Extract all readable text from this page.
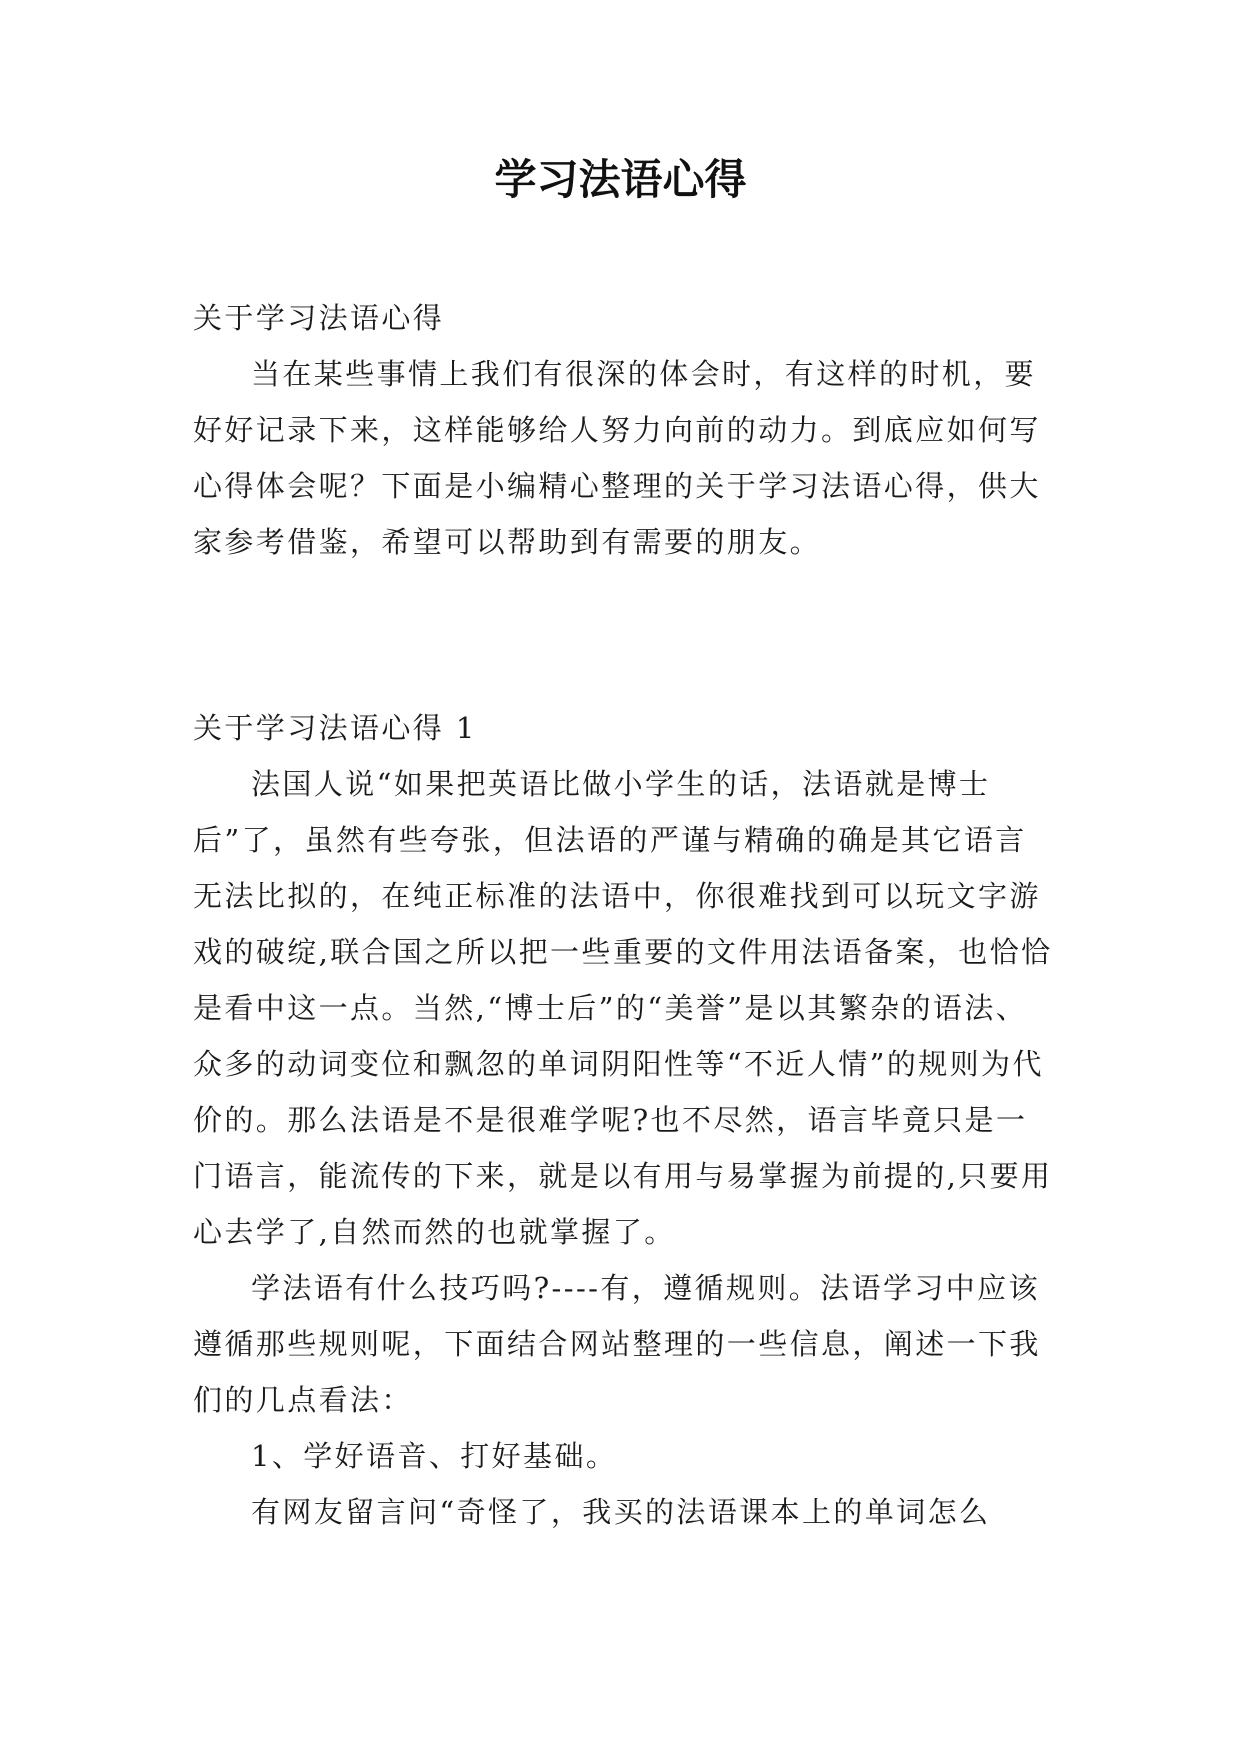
学习法语心得

关于学习法语心得

当在某些事情上我们有很深的体会时，有这样的时机，要好好记录下来，这样能够给人努力向前的动力。到底应如何写心得体会呢？下面是小编精心整理的关于学习法语心得，供大家参考借鉴，希望可以帮助到有需要的朋友。

关于学习法语心得 1

法国人说“如果把英语比做小学生的话，法语就是博士后”了，虽然有些夸张，但法语的严谨与精确的确是其它语言无法比拟的，在纯正标准的法语中，你很难找到可以玩文字游戏的破绽,联合国之所以把一些重要的文件用法语备案，也恰恰是看中这一点。当然,“博士后”的“美誉”是以其繁杂的语法、众多的动词变位和飘忽的单词阴阳性等“不近人情”的规则为代价的。那么法语是不是很难学呢?也不尽然，语言毕竟只是一门语言，能流传的下来，就是以有用与易掌握为前提的,只要用心去学了,自然而然的也就掌握了。

学法语有什么技巧吗?----有，遵循规则。法语学习中应该遵循那些规则呢，下面结合网站整理的一些信息，阐述一下我们的几点看法：

1、学好语音、打好基础。

有网友留言问“奇怪了，我买的法语课本上的单词怎么
